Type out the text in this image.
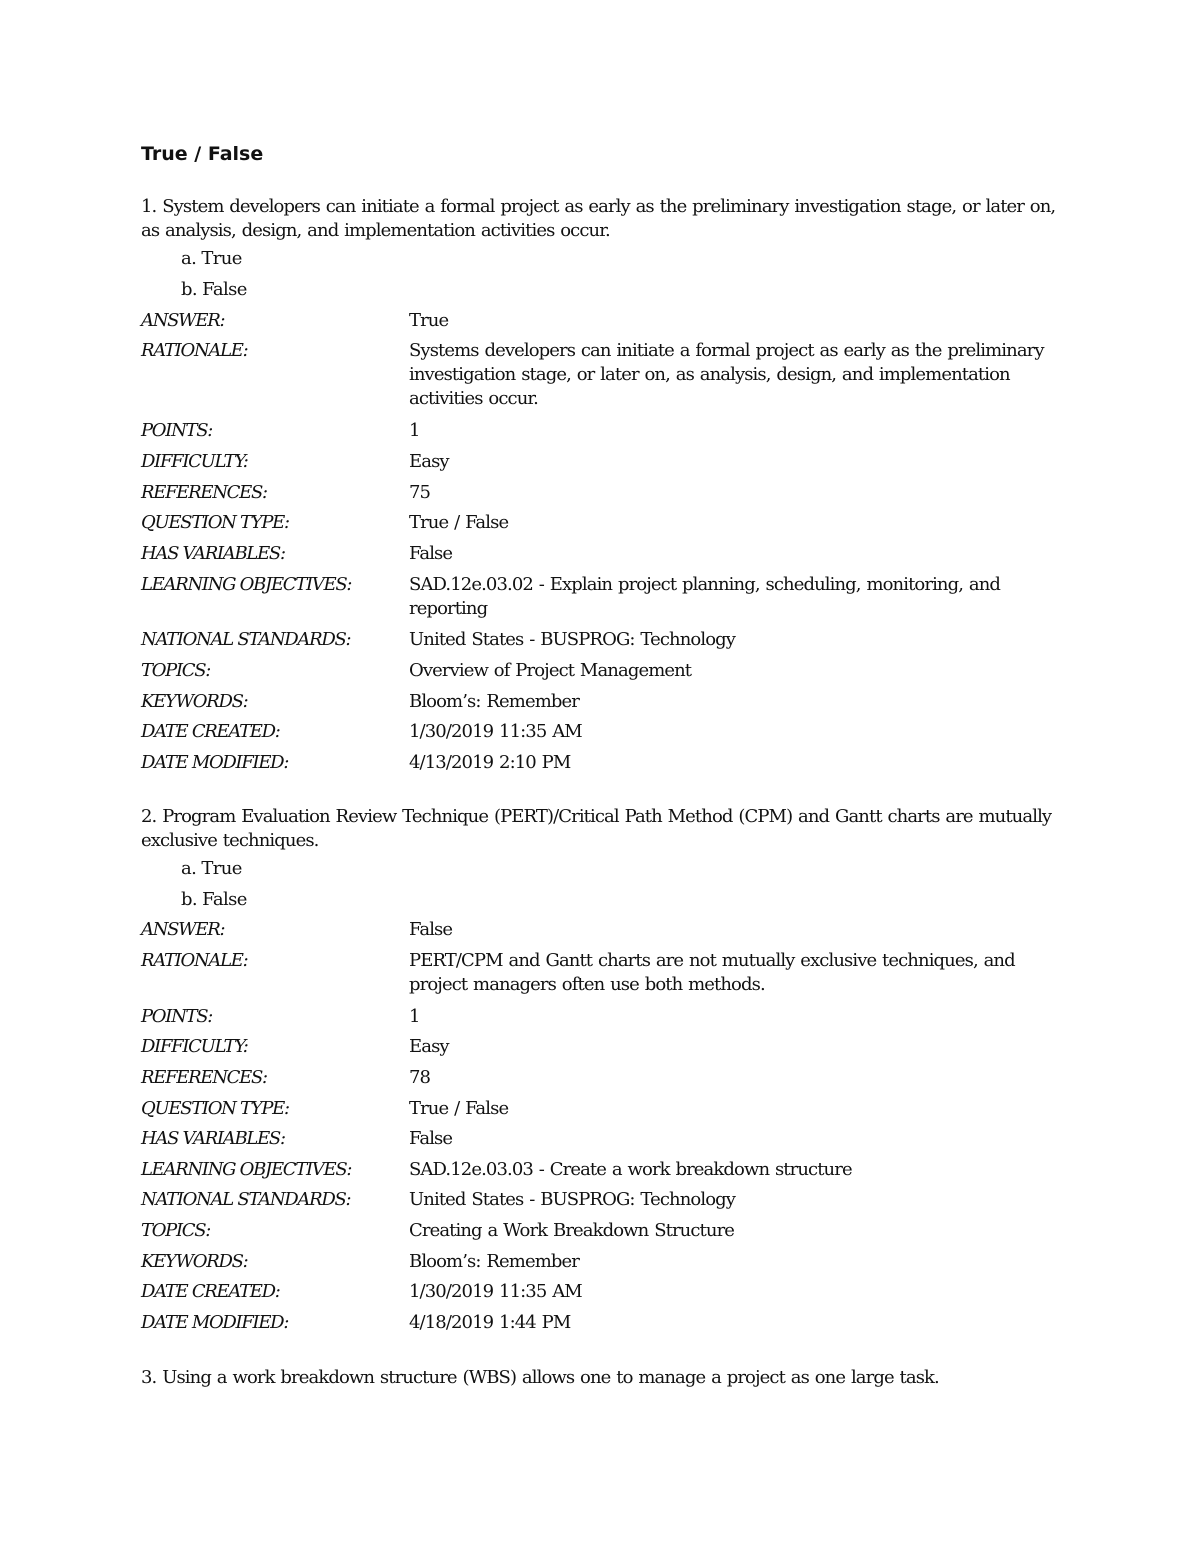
True / False

1. System developers can initiate a formal project as early as the preliminary investigation stage, or later on, as analysis, design, and implementation activities occur.

a. True

b. False

ANSWER:	True

RATIONALE:	Systems developers can initiate a formal project as early as the preliminary investigation stage, or later on, as analysis, design, and implementation activities occur.

POINTS:	1

DIFFICULTY:	Easy

REFERENCES:	75

QUESTION TYPE:	True / False

HAS VARIABLES:	False

LEARNING OBJECTIVES:	SAD.12e.03.02 - Explain project planning, scheduling, monitoring, and reporting

NATIONAL STANDARDS:	United States - BUSPROG: Technology

TOPICS:	Overview of Project Management

KEYWORDS:	Bloom’s: Remember

DATE CREATED:	1/30/2019 11:35 AM

DATE MODIFIED:	4/13/2019 2:10 PM

2. Program Evaluation Review Technique (PERT)/Critical Path Method (CPM) and Gantt charts are mutually exclusive techniques.

a. True

b. False

ANSWER:	False

RATIONALE:	PERT/CPM and Gantt charts are not mutually exclusive techniques, and project managers often use both methods.

POINTS:	1

DIFFICULTY:	Easy

REFERENCES:	78

QUESTION TYPE:	True / False

HAS VARIABLES:	False

LEARNING OBJECTIVES:	SAD.12e.03.03 - Create a work breakdown structure

NATIONAL STANDARDS:	United States - BUSPROG: Technology

TOPICS:	Creating a Work Breakdown Structure

KEYWORDS:	Bloom’s: Remember

DATE CREATED:	1/30/2019 11:35 AM

DATE MODIFIED:	4/18/2019 1:44 PM

3. Using a work breakdown structure (WBS) allows one to manage a project as one large task.
